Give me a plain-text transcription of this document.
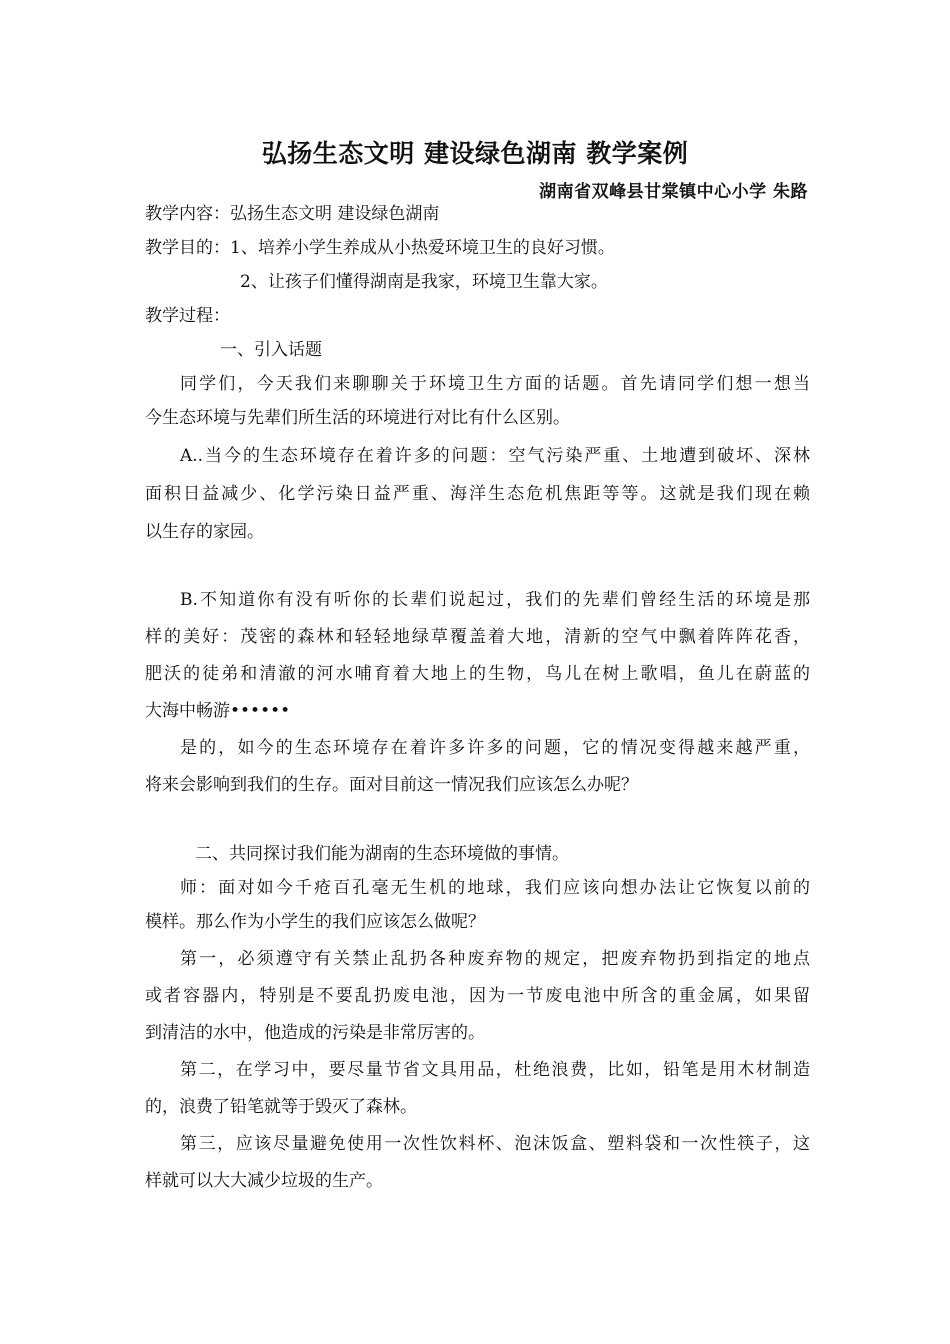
弘扬生态文明 建设绿色湖南 教学案例
湖南省双峰县甘棠镇中心小学 朱路
教学内容：弘扬生态文明 建设绿色湖南
教学目的：1、培养小学生养成从小热爱环境卫生的良好习惯。
2、让孩子们懂得湖南是我家，环境卫生靠大家。
教学过程：
一、引入话题
同学们，今天我们来聊聊关于环境卫生方面的话题。首先请同学们想一想当
今生态环境与先辈们所生活的环境进行对比有什么区别。
A..当今的生态环境存在着许多的问题：空气污染严重、土地遭到破坏、深林
面积日益减少、化学污染日益严重、海洋生态危机焦距等等。这就是我们现在赖
以生存的家园。
B.不知道你有没有听你的长辈们说起过，我们的先辈们曾经生活的环境是那
样的美好：茂密的森林和轻轻地绿草覆盖着大地，清新的空气中飘着阵阵花香，
肥沃的徒弟和清澈的河水哺育着大地上的生物，鸟儿在树上歌唱，鱼儿在蔚蓝的
大海中畅游••••••
是的，如今的生态环境存在着许多许多的问题，它的情况变得越来越严重，
将来会影响到我们的生存。面对目前这一情况我们应该怎么办呢？
二、共同探讨我们能为湖南的生态环境做的事情。
师：面对如今千疮百孔毫无生机的地球，我们应该向想办法让它恢复以前的
模样。那么作为小学生的我们应该怎么做呢？
第一，必须遵守有关禁止乱扔各种废弃物的规定，把废弃物扔到指定的地点
或者容器内，特别是不要乱扔废电池，因为一节废电池中所含的重金属，如果留
到清洁的水中，他造成的污染是非常厉害的。
第二，在学习中，要尽量节省文具用品，杜绝浪费，比如，铅笔是用木材制造
的，浪费了铅笔就等于毁灭了森林。
第三，应该尽量避免使用一次性饮料杯、泡沫饭盒、塑料袋和一次性筷子，这
样就可以大大减少垃圾的生产。
